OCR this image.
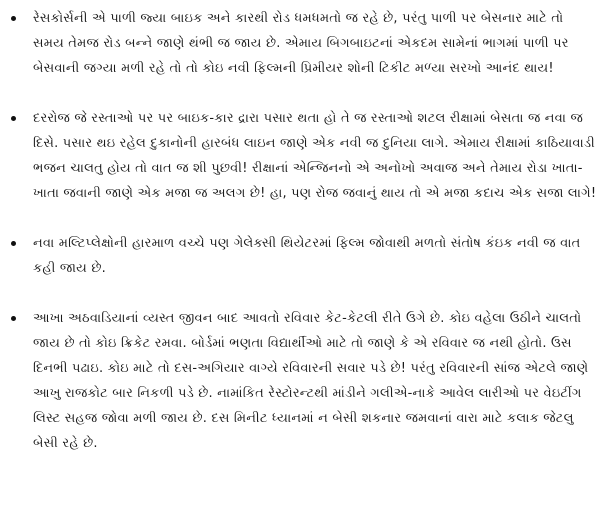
રેસકોર્સની એ પાળી જ્યા બાઇક અને કારથી રોડ ધમધમતો જ રહે છે, પરંતુ પાળી પર બેસનાર માટે તો સમય તેમજ રોડ બન્ને જાણે થંભી જ જાય છે. એમાય બિગબાઇટનાં એકદમ સામેનાં ભાગમાં પાળી પર બેસવાની જગ્યા મળી રહે તો તો કોઇ નવી ફિલ્મની પ્રિમીયર શોની ટિકીટ મળ્યા સરખો આનંદ થાય!
દરરોજ જે રસ્તાઓ પર પર બાઇક-કાર દ્રારા પસાર થતા હો તે જ રસ્તાઓ શટલ રીક્ષામાં બેસતા જ નવા જ દિસે. પસાર થઇ રહેલ દુકાનોની હારબંધ લાઇન જાણે એક નવી જ દુનિયા લાગે. એમાય રીક્ષામાં કાઠિયાવાડી ભજન ચાલતુ હોય તો વાત જ શી પુછવી! રીક્ષાનાં એન્જિનનો એ અનોખો અવાજ અને તેમાય રોડા ખાતા-ખાતા જવાની જાણે એક મજા જ અલગ છે! હા, પણ રોજ જવાનું થાય તો એ મજા કદાચ એક સજા લાગે!
નવા મલ્ટિપ્લેક્ષોની હારમાળ વચ્ચે પણ ગેલેક્સી થિયેટરમાં ફિલ્મ જોવાથી મળતો સંતોષ કંઇક નવી જ વાત કહી જાય છે.
આખા અઠવાડિયાનાં વ્યસ્ત જીવન બાદ આવતો રવિવાર કેટ-કેટલી રીતે ઉગે છે. કોઇ વહેલા ઉઠીને ચાલતો જાય છે તો કોઇ ક્રિકેટ રમવા. બોર્ડમાં ભણતા વિદ્યાર્થીઓ માટે તો જાણે કે એ રવિવાર જ નથી હોતો. ઉસ દિનભી પઢાઇ. કોઇ માટે તો દસ-અગિયાર વાગ્યે રવિવારની સવાર પડે છે! પરંતુ રવિવારની સાંજ એટલે જાણે આખુ રાજકોટ બાર નિકળી પડે છે. નામાંકિત રેસ્ટોરન્ટથી માંડીને ગલીએ-નાકે આવેલ લારીઓ પર વેઇટીંગ લિસ્ટ સહજ જોવા મળી જાય છે. દસ મિનીટ ધ્યાનમાં ન બેસી શકનાર જમવાનાં વારા માટે કલાક જેટલુ બેસી રહે છે.
